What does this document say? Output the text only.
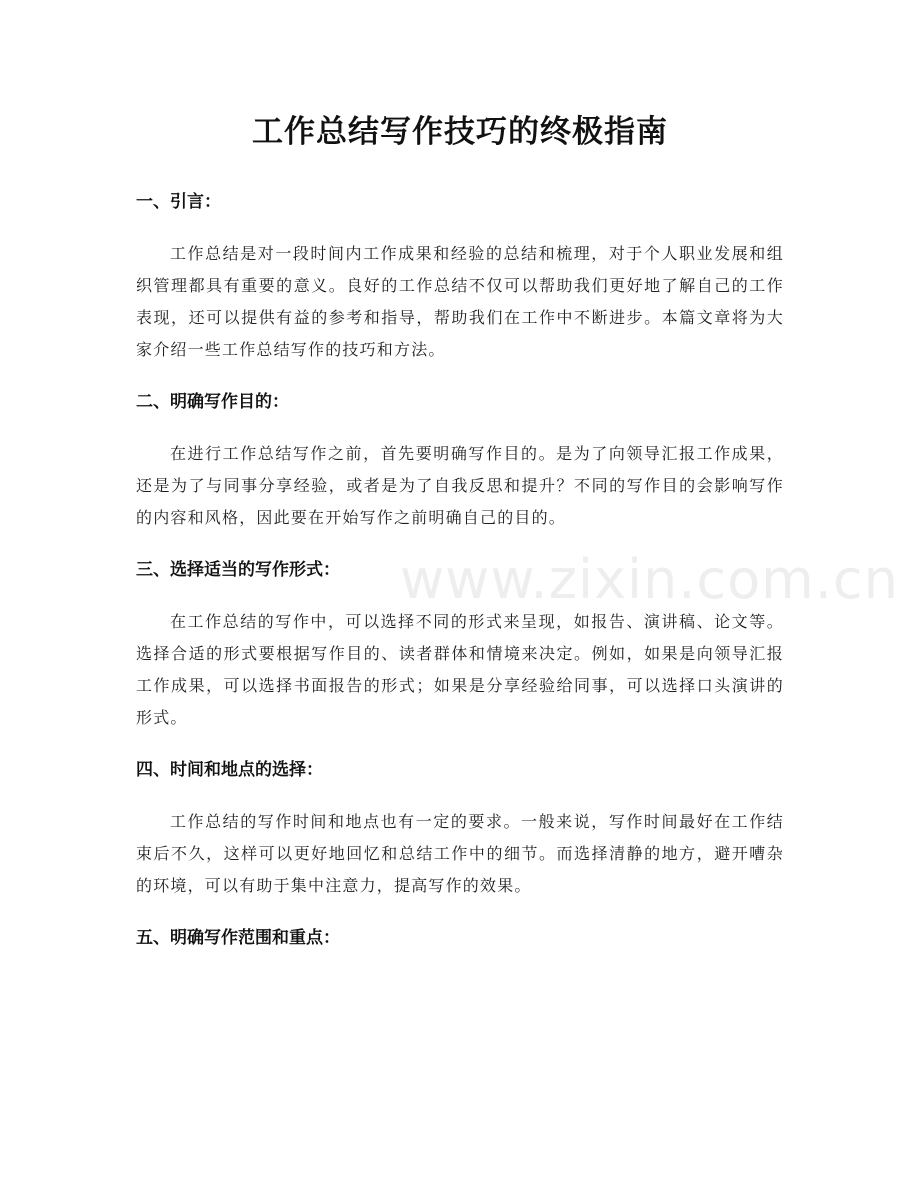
工作总结写作技巧的终极指南
一、引言：

工作总结是对一段时间内工作成果和经验的总结和梳理，对于个人职业发展和组织管理都具有重要的意义。良好的工作总结不仅可以帮助我们更好地了解自己的工作表现，还可以提供有益的参考和指导，帮助我们在工作中不断进步。本篇文章将为大家介绍一些工作总结写作的技巧和方法。

二、明确写作目的：

在进行工作总结写作之前，首先要明确写作目的。是为了向领导汇报工作成果，还是为了与同事分享经验，或者是为了自我反思和提升？不同的写作目的会影响写作的内容和风格，因此要在开始写作之前明确自己的目的。

三、选择适当的写作形式：

在工作总结的写作中，可以选择不同的形式来呈现，如报告、演讲稿、论文等。选择合适的形式要根据写作目的、读者群体和情境来决定。例如，如果是向领导汇报工作成果，可以选择书面报告的形式；如果是分享经验给同事，可以选择口头演讲的形式。

四、时间和地点的选择：

工作总结的写作时间和地点也有一定的要求。一般来说，写作时间最好在工作结束后不久，这样可以更好地回忆和总结工作中的细节。而选择清静的地方，避开嘈杂的环境，可以有助于集中注意力，提高写作的效果。

五、明确写作范围和重点：
www.zixin.com.cn
